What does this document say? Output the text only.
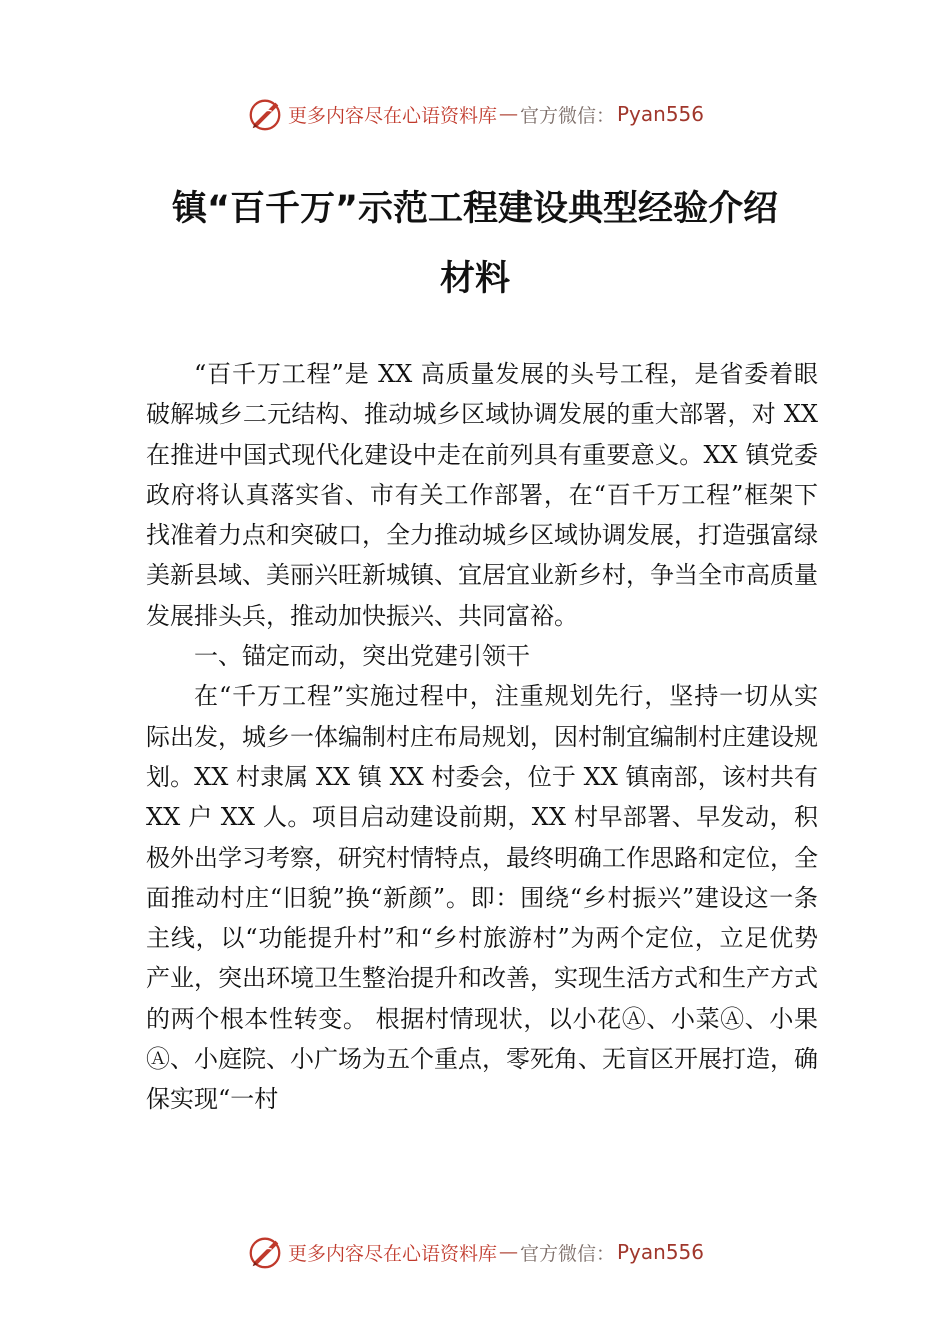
更多内容尽在心语资料库 — 官方微信： Pyan556
镇“百千万”示范工程建设典型经验介绍
材料

“百千万工程”是 XX 高质量发展的头号工程，是省委着眼破解城乡二元结构、推动城乡区域协调发展的重大部署，对 XX 在推进中国式现代化建设中走在前列具有重要意义。XX 镇党委政府将认真落实省、市有关工作部署，在“百千万工程”框架下找准着力点和突破口，全力推动城乡区域协调发展，打造强富绿美新县域、美丽兴旺新城镇、宜居宜业新乡村，争当全市高质量发展排头兵，推动加快振兴、共同富裕。

一、锚定而动，突出党建引领干

在“千万工程”实施过程中，注重规划先行，坚持一切从实际出发，城乡一体编制村庄布局规划，因村制宜编制村庄建设规划。XX 村隶属 XX 镇 XX 村委会，位于 XX 镇南部，该村共有 XX 户 XX 人。项目启动建设前期，XX 村早部署、早发动，积极外出学习考察，研究村情特点，最终明确工作思路和定位，全面推动村庄“旧貌”换“新颜”。即：围绕“乡村振兴”建设这一条主线，以“功能提升村”和“乡村旅游村”为两个定位，立足优势产业，突出环境卫生整治提升和改善，实现生活方式和生产方式的两个根本性转变。 根据村情现状，以小花Ⓐ、小菜Ⓐ、小果Ⓐ、小庭院、小广场为五个重点，零死角、无盲区开展打造，确保实现“一村

更多内容尽在心语资料库 — 官方微信： Pyan556
